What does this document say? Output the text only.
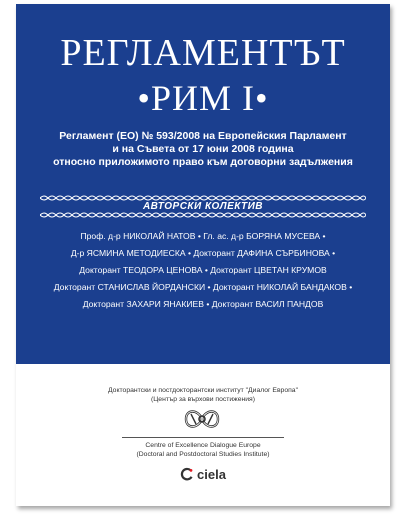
РЕГЛАМЕНТЪТ
•РИМ I•
Регламент (ЕО) № 593/2008 на Европейския Парламент
и на Съвета от 17 юни 2008 година
относно приложимото право към договорни задължения
АВТОРСКИ КОЛЕКТИВ
Проф. д-р НИКОЛАЙ НАТОВ • Гл. ас. д-р БОРЯНА МУСЕВА •
Д-р ЯСМИНА МЕТОДИЕСКА • Докторант ДАФИНА СЪРБИНОВА •
Докторант ТЕОДОРА ЦЕНОВА • Докторант ЦВЕТАН КРУМОВ
Докторант СТАНИСЛАВ ЙОРДАНСКИ • Докторант НИКОЛАЙ БАНДАКОВ •
Докторант ЗАХАРИ ЯНАКИЕВ • Докторант ВАСИЛ ПАНДОВ
Докторантски и постдокторантски институт "Диалог Европа"
(Център за върхови постижения)
Centre of Excellence Dialogue Europe
(Doctoral and Postdoctoral Studies Institute)
ciela
